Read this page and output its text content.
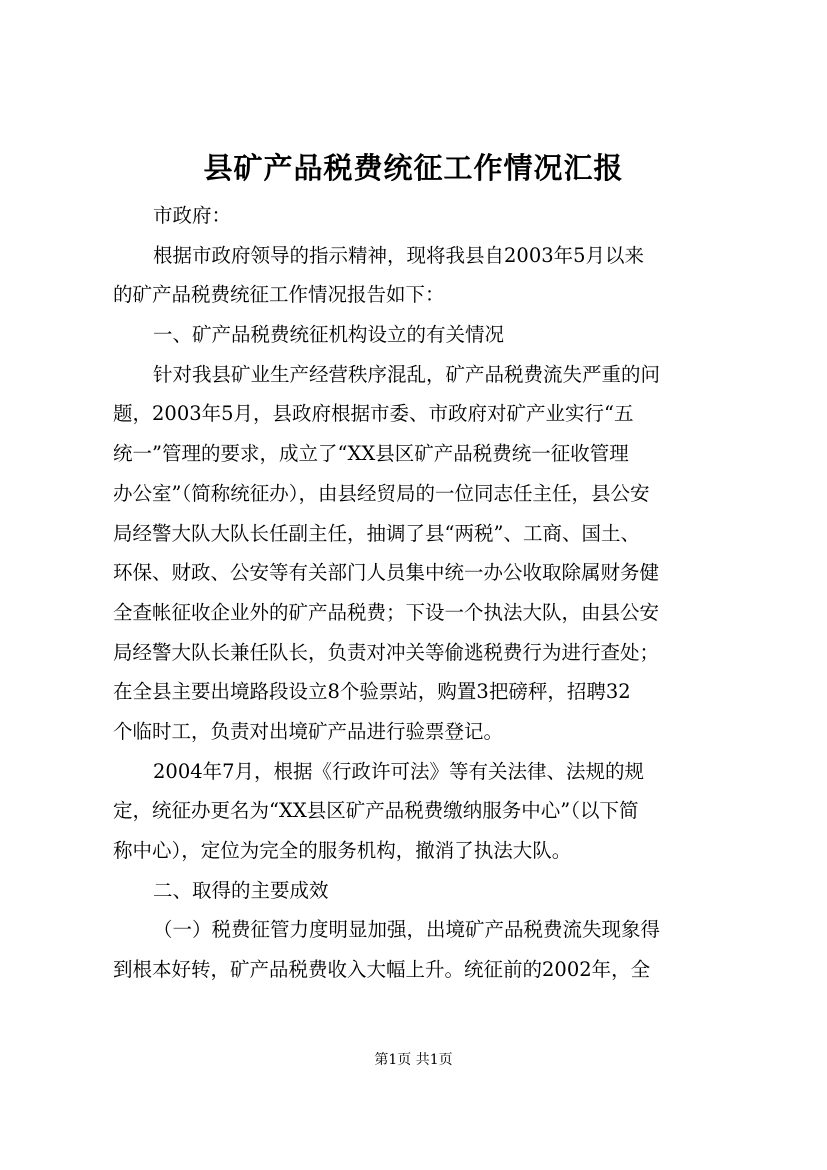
县矿产品税费统征工作情况汇报
市政府：
根据市政府领导的指示精神，现将我县自2003年5月以来
的矿产品税费统征工作情况报告如下：
一、矿产品税费统征机构设立的有关情况
针对我县矿业生产经营秩序混乱，矿产品税费流失严重的问
题，2003年5月，县政府根据市委、市政府对矿产业实行“五
统一”管理的要求，成立了“XX县区矿产品税费统一征收管理
办公室”（简称统征办），由县经贸局的一位同志任主任，县公安
局经警大队大队长任副主任，抽调了县“两税”、工商、国土、
环保、财政、公安等有关部门人员集中统一办公收取除属财务健
全查帐征收企业外的矿产品税费；下设一个执法大队，由县公安
局经警大队长兼任队长，负责对冲关等偷逃税费行为进行查处；
在全县主要出境路段设立8个验票站，购置3把磅秤，招聘32
个临时工，负责对出境矿产品进行验票登记。
2004年7月，根据《行政许可法》等有关法律、法规的规
定，统征办更名为“XX县区矿产品税费缴纳服务中心”（以下简
称中心），定位为完全的服务机构，撤消了执法大队。
二、取得的主要成效
（一）税费征管力度明显加强，出境矿产品税费流失现象得
到根本好转，矿产品税费收入大幅上升。统征前的2002年，全
第1页 共1页
